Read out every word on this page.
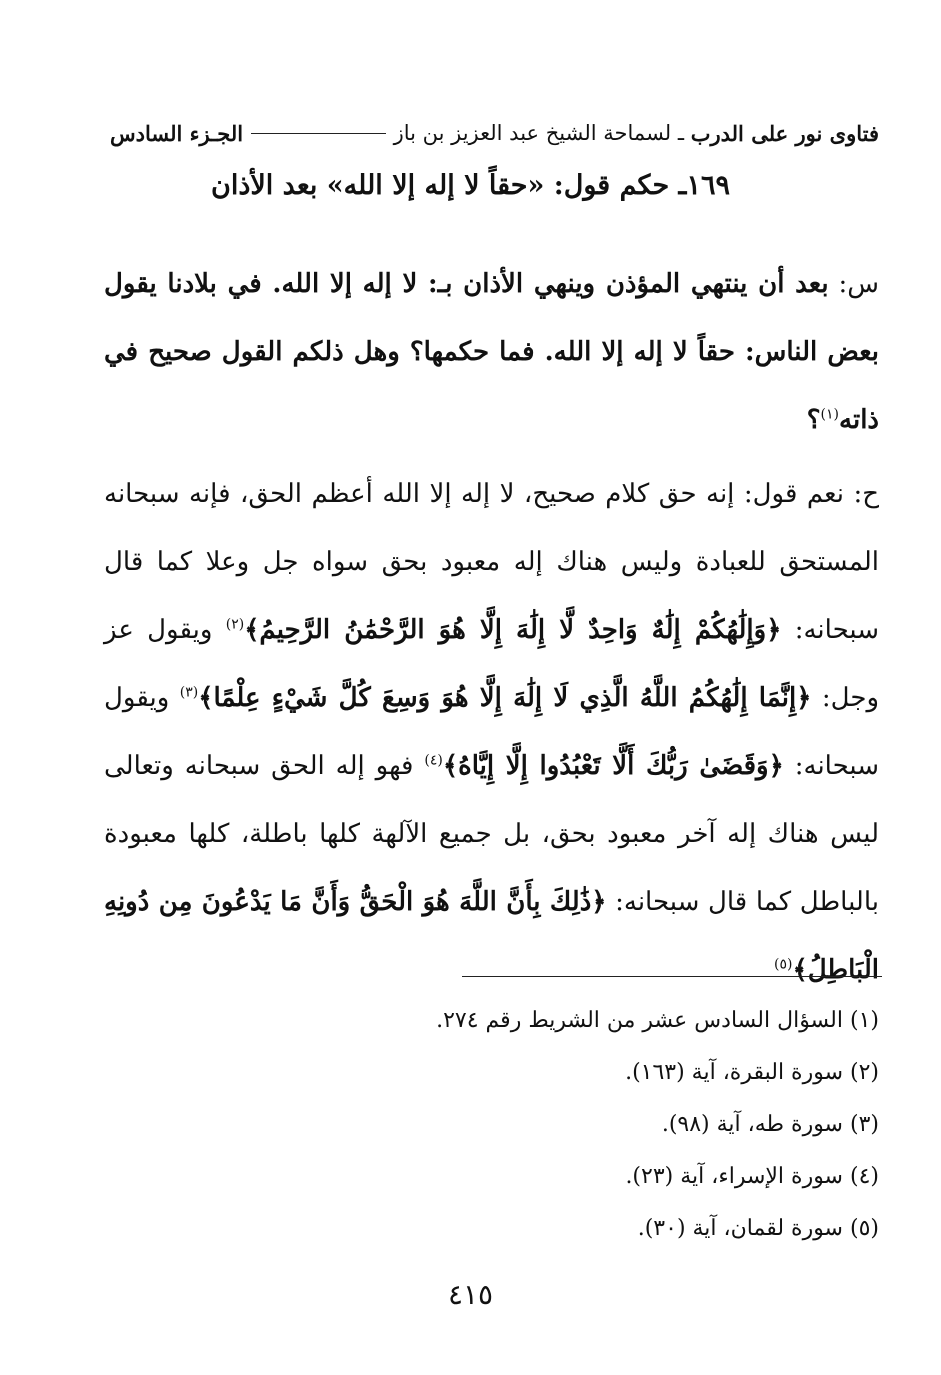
فتاوى نور على الدرب

ـ لسماحة الشيخ عبد العزيز بن باز
الجـزء السادس
١٦٩ـ حكم قول: «حقاً لا إله إلا الله» بعد الأذان
س: بعد أن ينتهي المؤذن وينهي الأذان بـ: لا إله إلا الله. في بلادنا يقول بعض الناس: حقاً لا إله إلا الله. فما حكمها؟ وهل ذلكم القول صحيح في ذاته$^{(١)}$؟
ح: نعم قول: إنه حق كلام صحيح، لا إله إلا الله أعظم الحق، فإنه سبحانه المستحق للعبادة وليس هناك إله معبود بحق سواه جل وعلا كما قال سبحانه: ﴿وَإِلَٰهُكُمْ إِلَٰهٌ وَاحِدٌ لَّا إِلَٰهَ إِلَّا هُوَ الرَّحْمَٰنُ الرَّحِيمُ﴾$^{(٢)}$ ويقول عز وجل: ﴿إِنَّمَا إِلَٰهُكُمُ اللَّهُ الَّذِي لَا إِلَٰهَ إِلَّا هُوَ وَسِعَ كُلَّ شَيْءٍ عِلْمًا﴾$^{(٣)}$ ويقول سبحانه: ﴿وَقَضَىٰ رَبُّكَ أَلَّا تَعْبُدُوا إِلَّا إِيَّاهُ﴾$^{(٤)}$ فهو إله الحق سبحانه وتعالى ليس هناك إله آخر معبود بحق، بل جميع الآلهة كلها باطلة، كلها معبودة بالباطل كما قال سبحانه: ﴿ذَٰلِكَ بِأَنَّ اللَّهَ هُوَ الْحَقُّ وَأَنَّ مَا يَدْعُونَ مِن دُونِهِ الْبَاطِلُ﴾$^{(٥)}$
(١) السؤال السادس عشر من الشريط رقم ٢٧٤.
(٢) سورة البقرة، آية (١٦٣).
(٣) سورة طه، آية (٩٨).
(٤) سورة الإسراء، آية (٢٣).
(٥) سورة لقمان، آية (٣٠).
٤١٥
